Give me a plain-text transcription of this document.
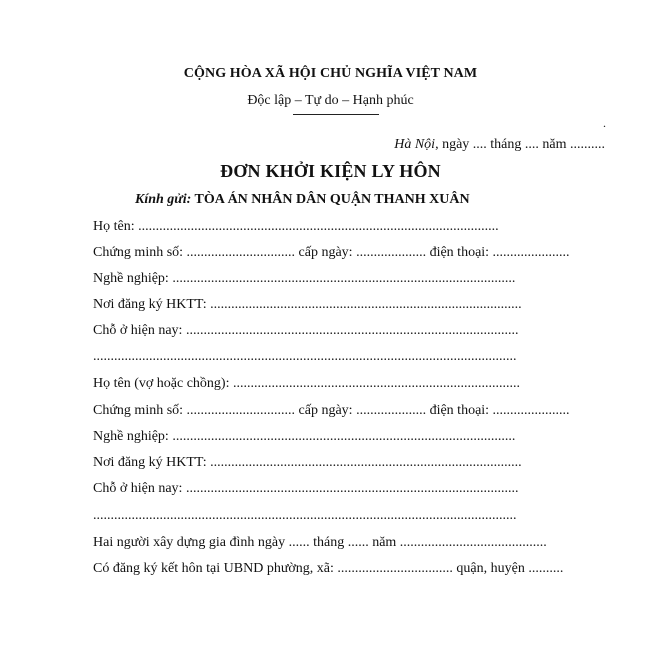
CỘNG HÒA XÃ HỘI CHỦ NGHĨA VIỆT NAM
Độc lập – Tự do – Hạnh phúc
.
Hà Nội, ngày .... tháng .... năm ..........
ĐƠN KHỞI KIỆN LY HÔN
Kính gửi: TÒA ÁN NHÂN DÂN QUẬN THANH XUÂN
Họ tên: .......................................................................................................
Chứng minh số: ............................... cấp ngày: .................... điện thoại: ......................
Nghề nghiệp: ..................................................................................................
Nơi đăng ký HKTT: .........................................................................................
Chỗ ở hiện nay: ...............................................................................................
.........................................................................................................................
Họ tên (vợ hoặc chồng): ..................................................................................
Chứng minh số: ............................... cấp ngày: .................... điện thoại: ......................
Nghề nghiệp: ..................................................................................................
Nơi đăng ký HKTT: .........................................................................................
Chỗ ở hiện nay: ...............................................................................................
.........................................................................................................................
Hai người xây dựng gia đình ngày ...... tháng ...... năm ..........................................
Có đăng ký kết hôn tại UBND phường, xã: ................................. quận, huyện ..........
